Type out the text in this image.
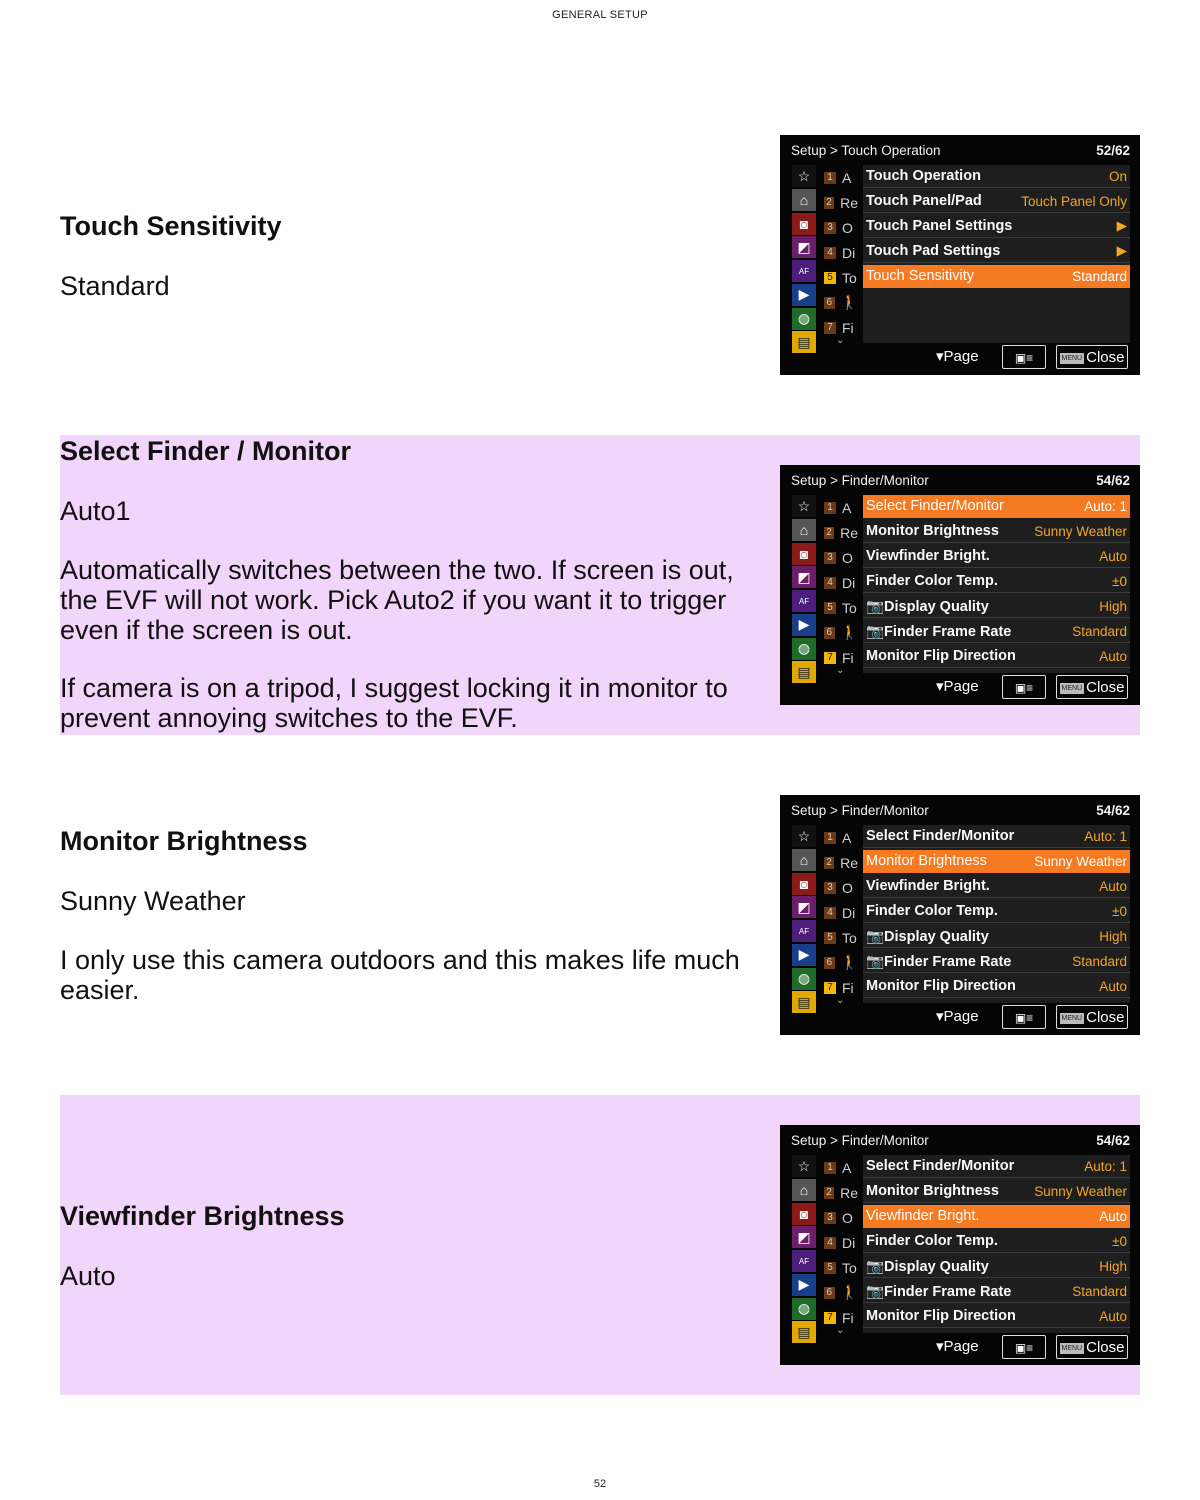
GENERAL SETUP
Touch Sensitivity

Standard

Setup > Touch Operation	52/62
☆
⌂
◙
◩
AF
▶
◍
▤
1 A
2 Re
3 O
4 Di
5 To
6 🚶
7 Fi
⌄
Touch Operation	On
Touch Panel/Pad	Touch Panel Only
Touch Panel Settings	▶
Touch Pad Settings	▶
Touch Sensitivity	Standard
▾Page	▣≡	MENU Close
Select Finder / Monitor

Auto1

Automatically switches between the two. If screen is out, the EVF will not work. Pick Auto2 if you want it to trigger even if the screen is out.

If camera is on a tripod, I suggest locking it in monitor to prevent annoying switches to the EVF.

Setup > Finder/Monitor	54/62
☆
⌂
◙
◩
AF
▶
◍
▤
1 A
2 Re
3 O
4 Di
5 To
6 🚶
7 Fi
⌄
Select Finder/Monitor	Auto: 1
Monitor Brightness	Sunny Weather
Viewfinder Bright.	Auto
Finder Color Temp.	±0
📷Display Quality	High
📷Finder Frame Rate	Standard
Monitor Flip Direction	Auto
▾Page	▣≡	MENU Close
Monitor Brightness

Sunny Weather

I only use this camera outdoors and this makes life much easier.

Setup > Finder/Monitor	54/62
☆
⌂
◙
◩
AF
▶
◍
▤
1 A
2 Re
3 O
4 Di
5 To
6 🚶
7 Fi
⌄
Select Finder/Monitor	Auto: 1
Monitor Brightness	Sunny Weather
Viewfinder Bright.	Auto
Finder Color Temp.	±0
📷Display Quality	High
📷Finder Frame Rate	Standard
Monitor Flip Direction	Auto
▾Page	▣≡	MENU Close
Viewfinder Brightness

Auto

Setup > Finder/Monitor	54/62
☆
⌂
◙
◩
AF
▶
◍
▤
1 A
2 Re
3 O
4 Di
5 To
6 🚶
7 Fi
⌄
Select Finder/Monitor	Auto: 1
Monitor Brightness	Sunny Weather
Viewfinder Bright.	Auto
Finder Color Temp.	±0
📷Display Quality	High
📷Finder Frame Rate	Standard
Monitor Flip Direction	Auto
▾Page	▣≡	MENU Close
52
